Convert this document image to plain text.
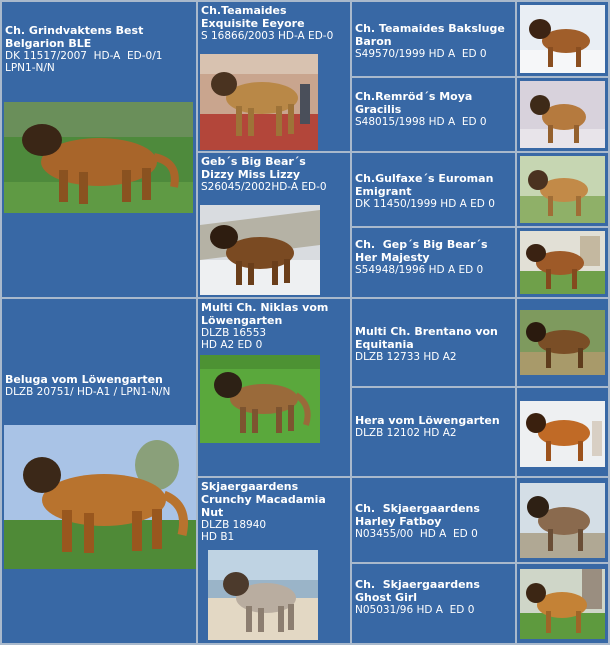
Ch. Grindvaktens Best
Belgarion BLE
DK 11517/2007  HD-A  ED-0/1
LPN1-N/N
Beluga vom Löwengarten
DLZB 20751/ HD-A1 / LPN1-N/N
Ch.Teamaides
Exquisite Eeyore
S 16866/2003 HD-A ED-0
Geb´s Big Bear´s
Dizzy Miss Lizzy
S26045/2002HD-A ED-0
Multi Ch. Niklas vom
Löwengarten
DLZB 16553
HD A2 ED 0
Skjaergaardens
Crunchy Macadamia
Nut
DLZB 18940
HD B1
Ch. Teamaides Baksluge
Baron
S49570/1999 HD A  ED 0
Ch.Remröd´s Moya
Gracilis
S48015/1998 HD A  ED 0
Ch.Gulfaxe´s Euroman
Emigrant
DK 11450/1999 HD A ED 0
Ch.  Gep´s Big Bear´s
Her Majesty
S54948/1996 HD A ED 0
Multi Ch. Brentano von
Equitania
DLZB 12733 HD A2
Hera vom Löwengarten
DLZB 12102 HD A2
Ch.  Skjaergaardens
Harley Fatboy
N03455/00  HD A  ED 0
Ch.  Skjaergaardens
Ghost Girl
N05031/96 HD A  ED 0
